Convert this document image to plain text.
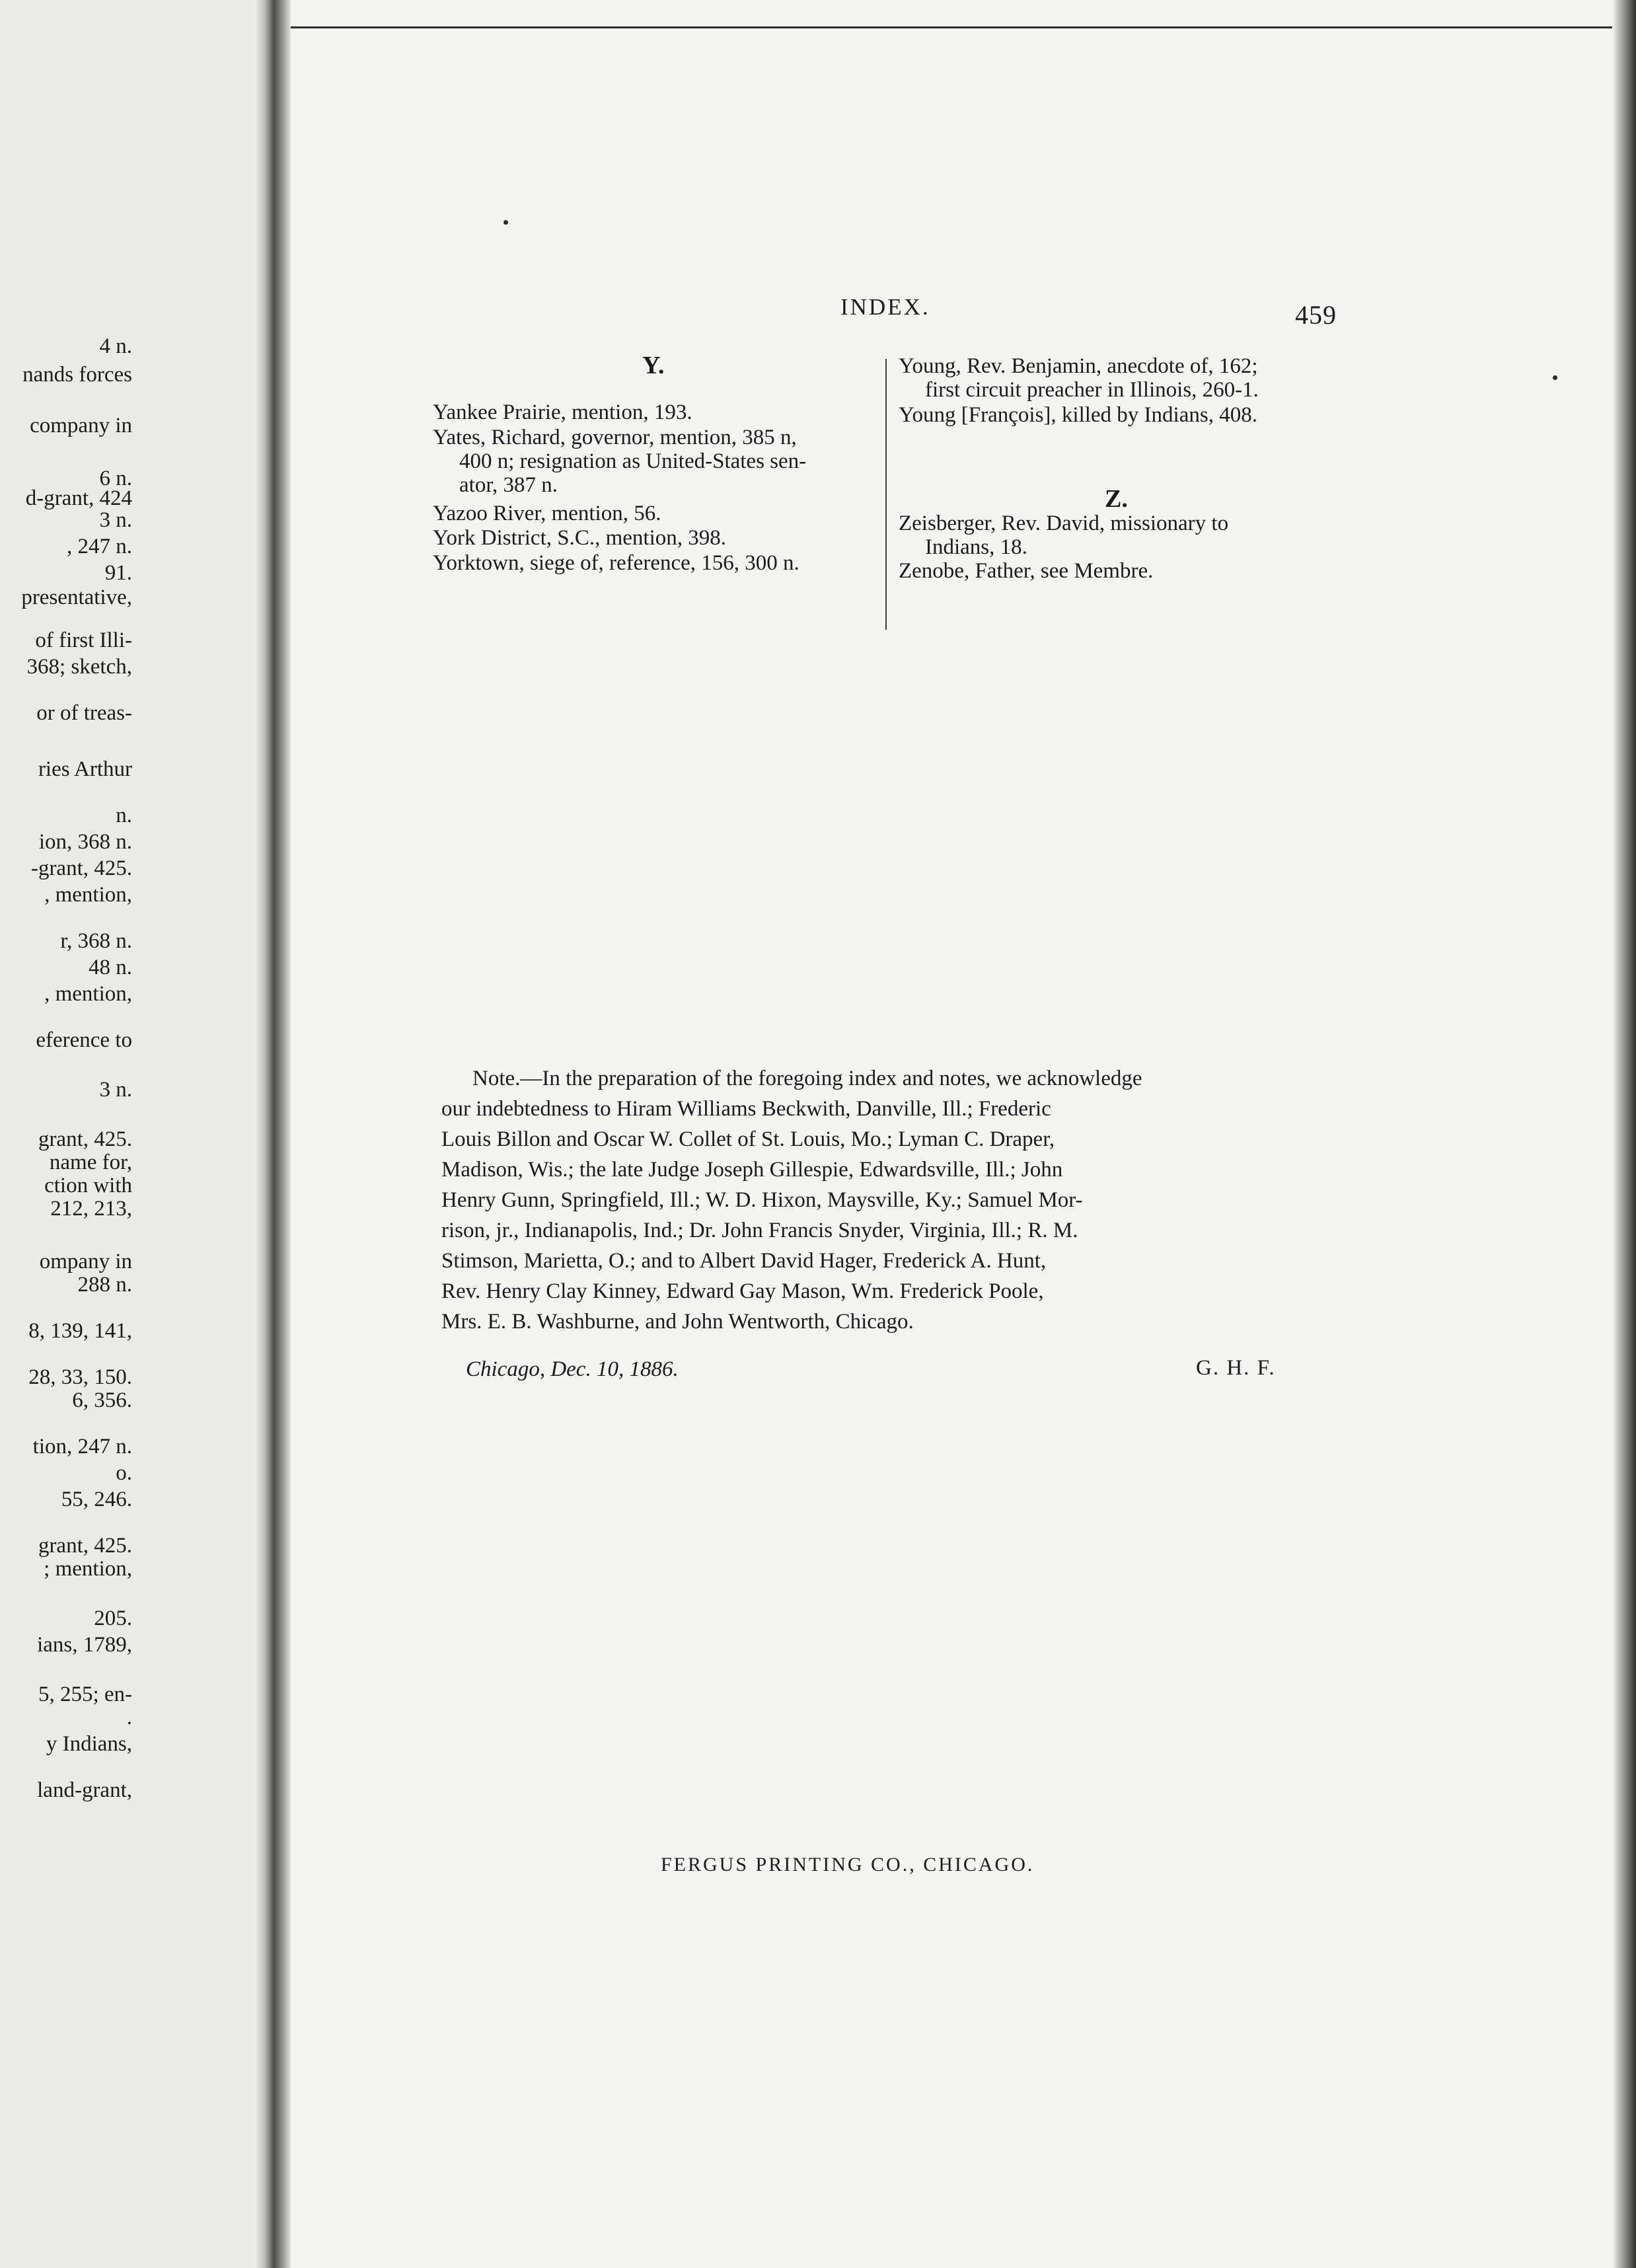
4 n.
nands forces
company in
6 n.
d-grant, 424
3 n.
, 247 n.
91.
presentative,
of first Illi-
368; sketch,
or of treas-
ries Arthur
n.
ion, 368 n.
-grant, 425.
, mention,
r, 368 n.
48 n.
, mention,
eference to
3 n.
grant, 425.
name for,
ction with
212, 213,
ompany in
288 n.
8, 139, 141,
28, 33, 150.
6, 356.
tion, 247 n.
o.
55, 246.
grant, 425.
; mention,
205.
ians, 1789,
5, 255; en-
.
y Indians,
land-grant,
INDEX.	459
Y.
Yankee Prairie, mention, 193.
Yates, Richard, governor, mention, 385 n,
400 n; resignation as United-States sen-
ator, 387 n.
Yazoo River, mention, 56.
York District, S.C., mention, 398.
Yorktown, siege of, reference, 156, 300 n.
Young, Rev. Benjamin, anecdote of, 162;
first circuit preacher in Illinois, 260-1.
Young [François], killed by Indians, 408.
Zeisberger, Rev. David, missionary to
Indians, 18.
Zenobe, Father, see Membre.
Z.
Note.—In the preparation of the foregoing index and notes, we acknowledge
our indebtedness to Hiram Williams Beckwith, Danville, Ill.; Frederic
Louis Billon and Oscar W. Collet of St. Louis, Mo.; Lyman C. Draper,
Madison, Wis.; the late Judge Joseph Gillespie, Edwardsville, Ill.; John
Henry Gunn, Springfield, Ill.; W. D. Hixon, Maysville, Ky.; Samuel Mor-
rison, jr., Indianapolis, Ind.; Dr. John Francis Snyder, Virginia, Ill.; R. M.
Stimson, Marietta, O.; and to Albert David Hager, Frederick A. Hunt,
Rev. Henry Clay Kinney, Edward Gay Mason, Wm. Frederick Poole,
Mrs. E. B. Washburne, and John Wentworth, Chicago.
Chicago, Dec. 10, 1886.	G. H. F.
FERGUS PRINTING CO., CHICAGO.
